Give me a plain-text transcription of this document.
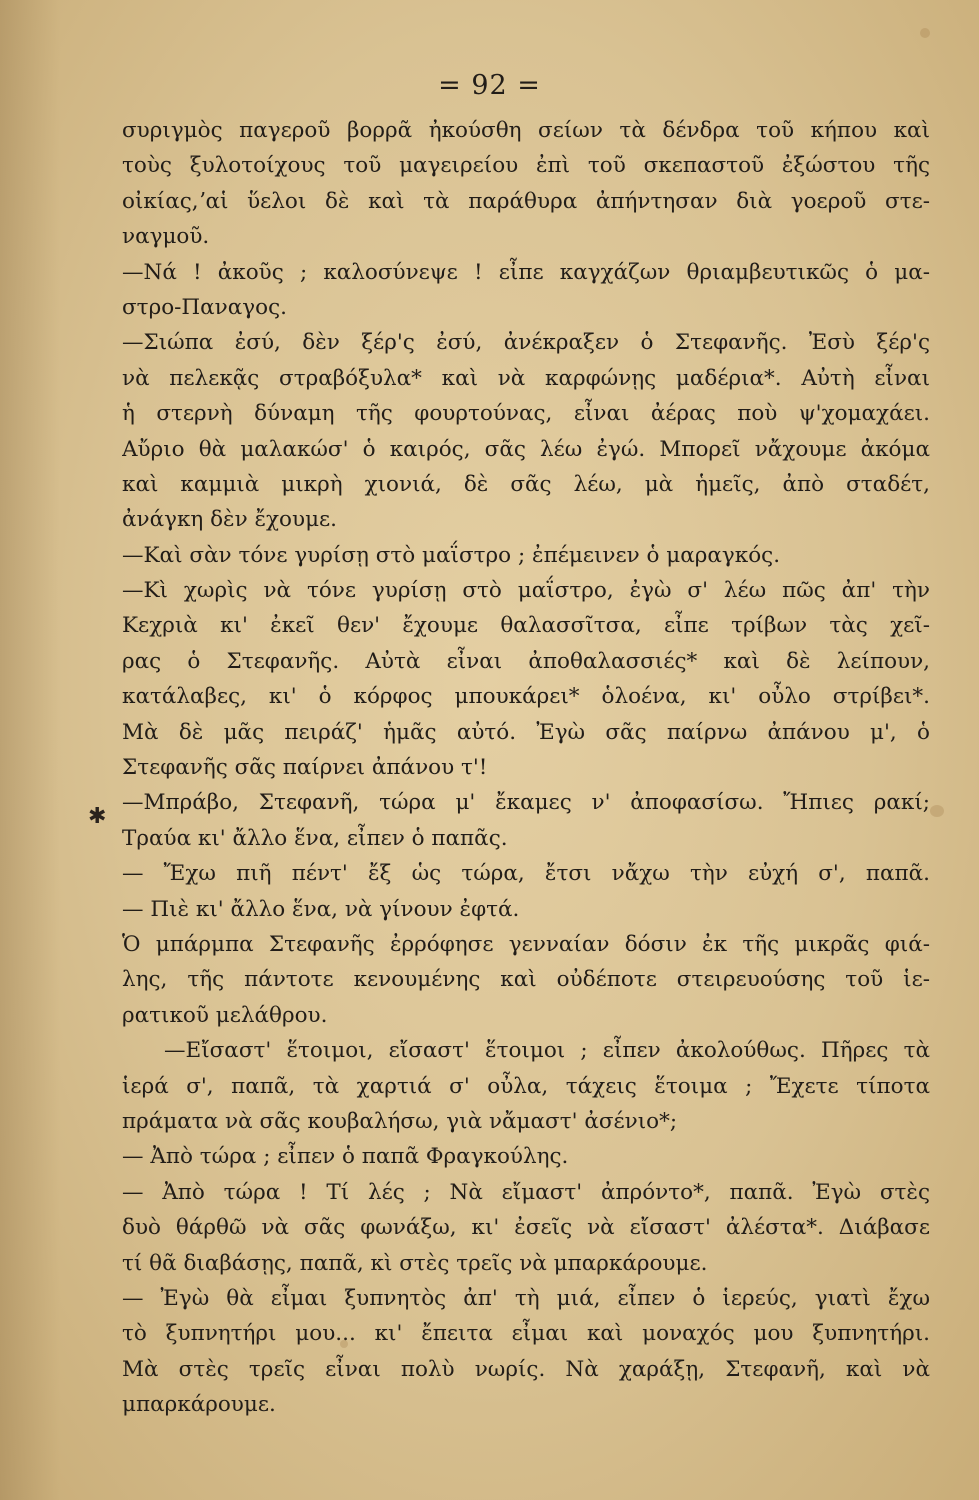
= 92 =
✱
συριγμὸς παγεροῦ βορρᾶ ἠκούσθη σείων τὰ δένδρα τοῦ κήπου καὶ
τοὺς ξυλοτοίχους τοῦ μαγειρείου ἐπὶ τοῦ σκεπαστοῦ ἐξώστου τῆς
οἰκίας,ʼαἱ ὕελοι δὲ καὶ τὰ παράθυρα ἀπήντησαν διὰ γοεροῦ στε-
ναγμοῦ.
—Νά ! ἀκοῦς ; καλοσύνεψε ! εἶπε καγχάζων θριαμβευτικῶς ὁ μα-
στρο-Παναγος.
—Σιώπα ἐσύ, δὲν ξέρ'ς ἐσύ, ἀνέκραξεν ὁ Στεφανῆς. Ἐσὺ ξέρ'ς
νὰ πελεκᾷς στραβόξυλα* καὶ νὰ καρφώνῃς μαδέρια*. Αὐτὴ εἶναι
ἡ στερνὴ δύναμη τῆς φουρτούνας, εἶναι ἀέρας ποὺ ψ'χομαχάει.
Αὔριο θὰ μαλακώσ' ὁ καιρός, σᾶς λέω ἐγώ. Μπορεῖ νἄχουμε ἀκόμα
καὶ καμμιὰ μικρὴ χιονιά, δὲ σᾶς λέω, μὰ ἡμεῖς, ἀπὸ σταδέτ,
ἀνάγκη δὲν ἔχουμε.
—Καὶ σὰν τόνε γυρίσῃ στὸ μαΐστρο ; ἐπέμεινεν ὁ μαραγκός.
—Κὶ χωρὶς νὰ τόνε γυρίσῃ στὸ μαΐστρο, ἐγὼ σ' λέω πῶς ἀπ' τὴν
Κεχριὰ κι' ἐκεῖ θεν' ἔχουμε θαλασσῖτσα, εἶπε τρίβων τὰς χεῖ-
ρας ὁ Στεφανῆς. Αὐτὰ εἶναι ἀποθαλασσιές* καὶ δὲ λείπουν,
κατάλαβες, κι' ὁ κόρφος μπουκάρει* ὁλοένα, κι' οὖλο στρίβει*.
Μὰ δὲ μᾶς πειράζ' ἡμᾶς αὐτό. Ἐγὼ σᾶς παίρνω ἀπάνου μ', ὁ
Στεφανῆς σᾶς παίρνει ἀπάνου τ'!
—Μπράβο, Στεφανῆ, τώρα μ' ἔκαμες ν' ἀποφασίσω. Ἤπιες ρακί;
Τραύα κι' ἄλλο ἕνα, εἶπεν ὁ παπᾶς.
— Ἔχω πιῆ πέντ' ἔξ ὡς τώρα, ἔτσι νἄχω τὴν εὐχή σ', παπᾶ.
— Πιὲ κι' ἄλλο ἕνα, νὰ γίνουν ἐφτά.
Ὁ μπάρμπα Στεφανῆς ἐρρόφησε γενναίαν δόσιν ἐκ τῆς μικρᾶς φιά-
λης, τῆς πάντοτε κενουμένης καὶ οὐδέποτε στειρευούσης τοῦ ἱε-
ρατικοῦ μελάθρου.
—Εἴσαστ' ἕτοιμοι, εἴσαστ' ἕτοιμοι ; εἶπεν ἀκολούθως. Πῆρες τὰ
ἱερά σ', παπᾶ, τὰ χαρτιά σ' οὖλα, τάχεις ἕτοιμα ; Ἔχετε τίποτα
πράματα νὰ σᾶς κουβαλήσω, γιὰ νἄμαστ' ἀσένιο*;
— Ἀπὸ τώρα ; εἶπεν ὁ παπᾶ Φραγκούλης.
— Ἀπὸ τώρα ! Τί λές ; Νὰ εἴμαστ' ἀπρόντο*, παπᾶ. Ἐγὼ στὲς
δυὸ θάρθῶ νὰ σᾶς φωνάξω, κι' ἐσεῖς νὰ εἴσαστ' ἀλέστα*. Διάβασε
τί θᾶ διαβάσῃς, παπᾶ, κὶ στὲς τρεῖς νὰ μπαρκάρουμε.
— Ἐγὼ θὰ εἶμαι ξυπνητὸς ἀπ' τὴ μιά, εἶπεν ὁ ἱερεύς, γιατὶ ἔχω
τὸ ξυπνητήρι μου... κι' ἔπειτα εἶμαι καὶ μοναχός μου ξυπνητήρι.
Μὰ στὲς τρεῖς εἶναι πολὺ νωρίς. Νὰ χαράξῃ, Στεφανῆ, καὶ νὰ
μπαρκάρουμε.
